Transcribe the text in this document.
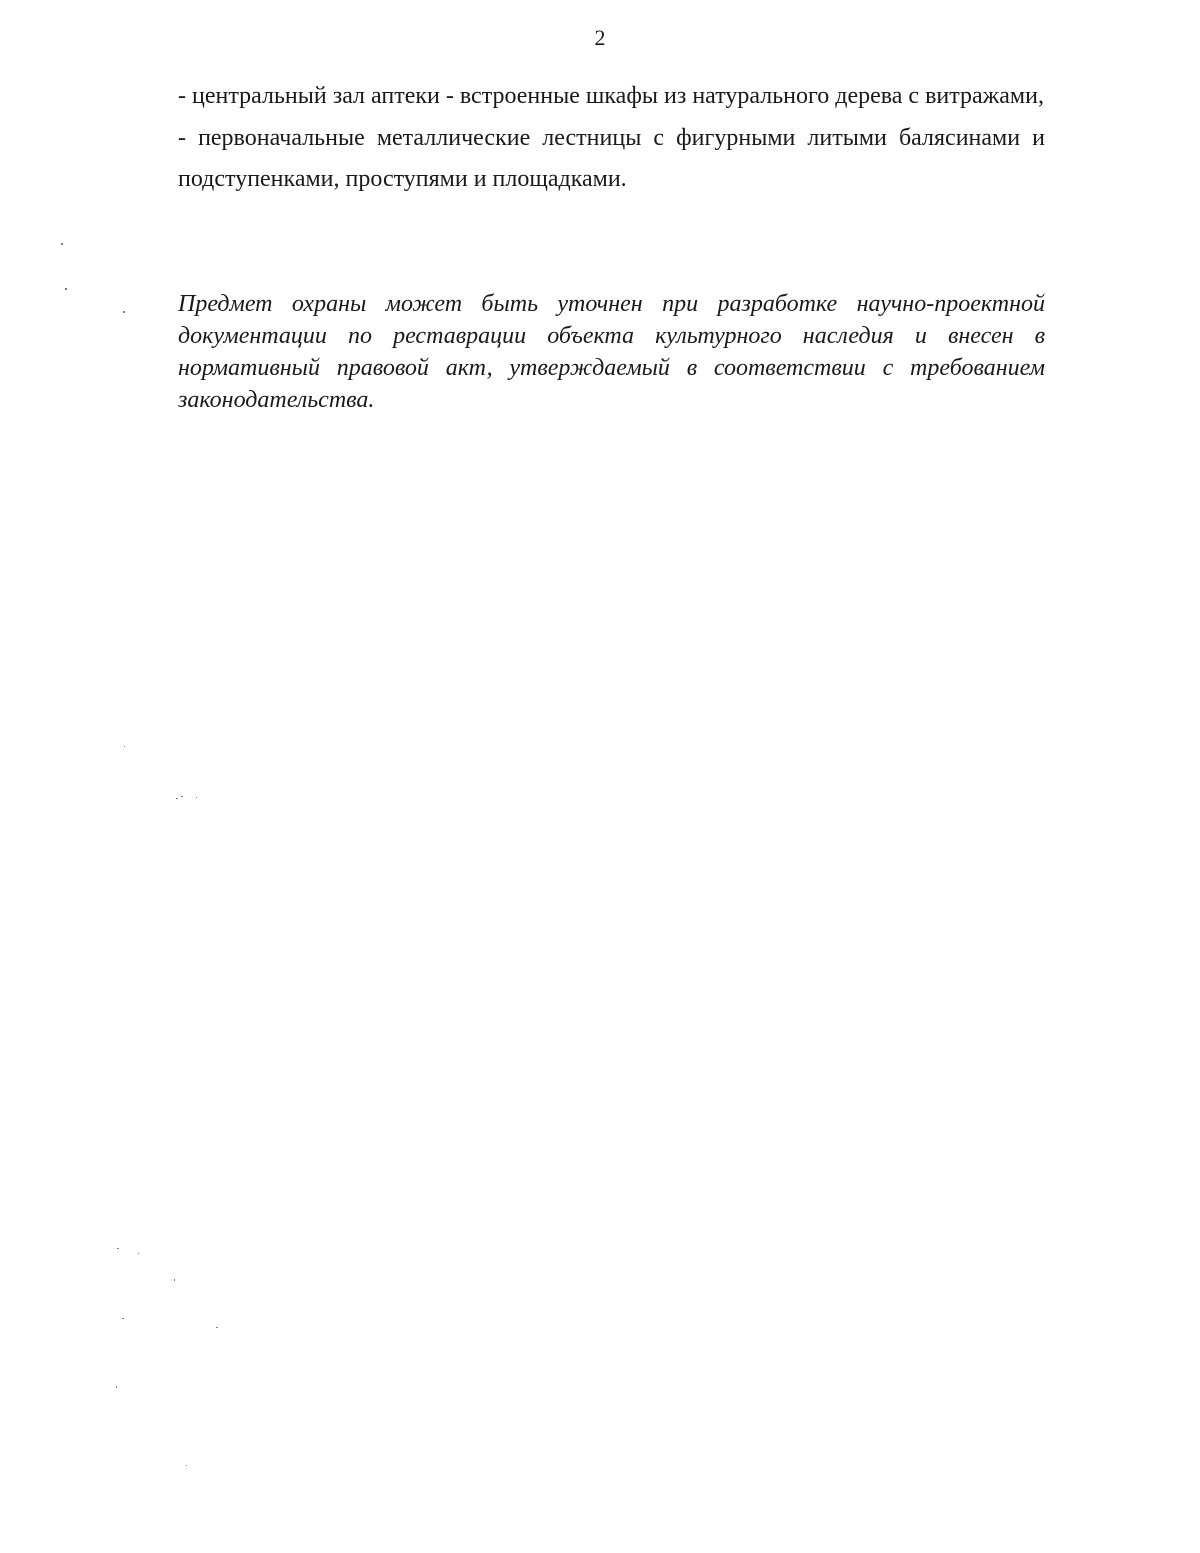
2

- центральный зал аптеки - встроенные шкафы из натурального дерева с витражами,

- первоначальные металлические лестницы с фигурными литыми балясинами и подступенками, проступями и площадками.

Предмет охраны может быть уточнен при разработке научно-проектной документации по реставрации объекта культурного наследия и внесен в нормативный правовой акт, утверждаемый в соответствии с требованием законодательства.
